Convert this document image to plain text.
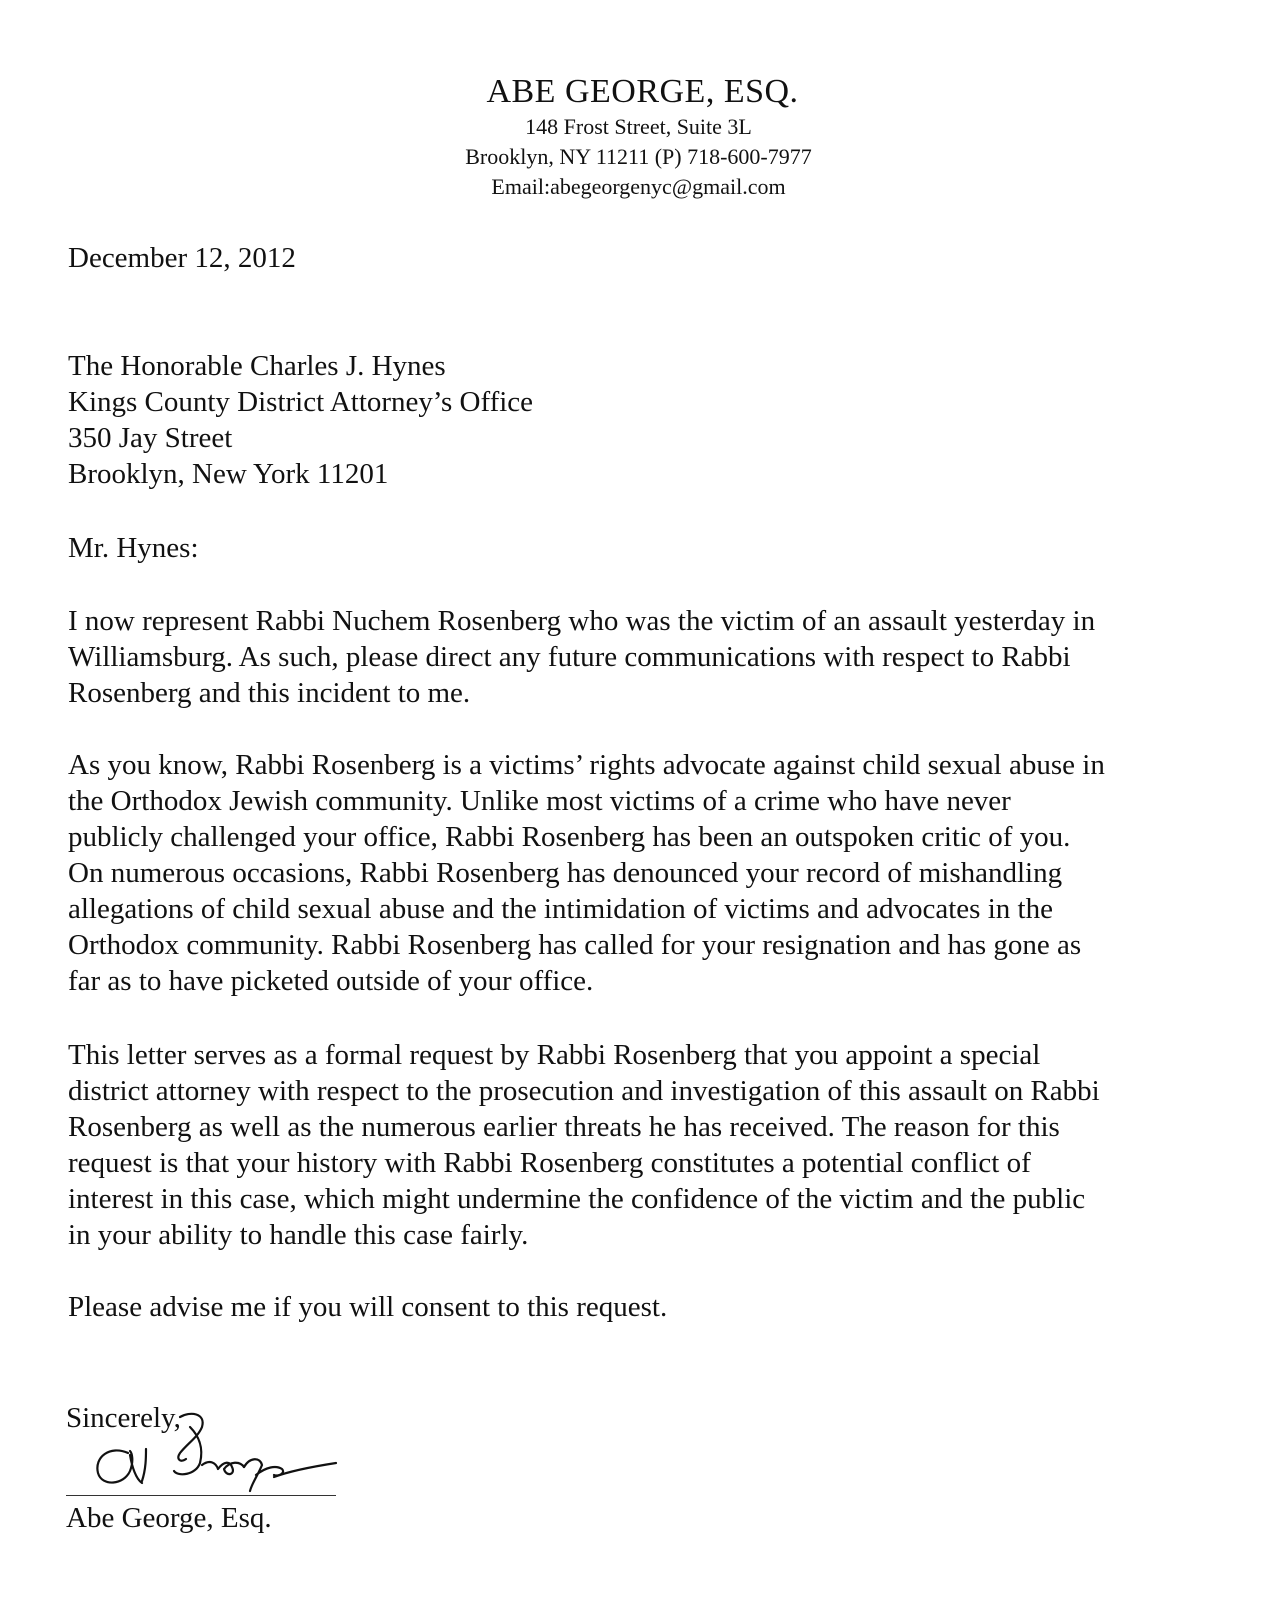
ABE GEORGE, ESQ.
148 Frost Street, Suite 3L
Brooklyn, NY 11211 (P) 718-600-7977
Email:abegeorgenyc@gmail.com
December 12, 2012

The Honorable Charles J. Hynes

Kings County District Attorney’s Office

350 Jay Street

Brooklyn, New York 11201

Mr. Hynes:

I now represent Rabbi Nuchem Rosenberg who was the victim of an assault yesterday in

Williamsburg. As such, please direct any future communications with respect to Rabbi

Rosenberg and this incident to me.

As you know, Rabbi Rosenberg is a victims’ rights advocate against child sexual abuse in

the Orthodox Jewish community. Unlike most victims of a crime who have never

publicly challenged your office, Rabbi Rosenberg has been an outspoken critic of you.

On numerous occasions, Rabbi Rosenberg has denounced your record of mishandling

allegations of child sexual abuse and the intimidation of victims and advocates in the

Orthodox community. Rabbi Rosenberg has called for your resignation and has gone as

far as to have picketed outside of your office.

This letter serves as a formal request by Rabbi Rosenberg that you appoint a special

district attorney with respect to the prosecution and investigation of this assault on Rabbi

Rosenberg as well as the numerous earlier threats he has received. The reason for this

request is that your history with Rabbi Rosenberg constitutes a potential conflict of

interest in this case, which might undermine the confidence of the victim and the public

in your ability to handle this case fairly.

Please advise me if you will consent to this request.

Sincerely,
Abe George, Esq.
